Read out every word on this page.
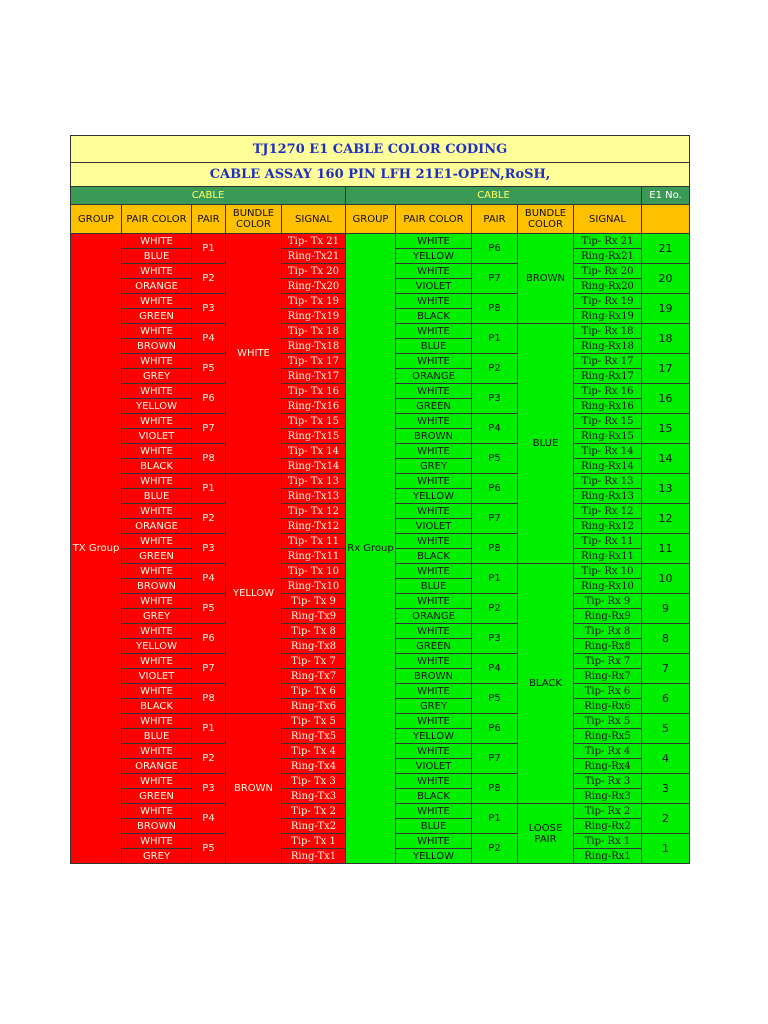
TJ1270 E1 CABLE COLOR CODING										
CABLE ASSAY 160 PIN LFH 21E1-OPEN,RoSH,										
CABLE					CABLE					E1 No.
GROUP	PAIR COLOR	PAIR	BUNDLE COLOR	SIGNAL	GROUP	PAIR COLOR	PAIR	BUNDLE COLOR	SIGNAL	
TX Group	WHITE	P1	WHITE	Tip- Tx 21	Rx Group	WHITE	P6	BROWN	Tip- Rx 21	21
	BLUE			Ring-Tx21		YELLOW			Ring-Rx21	
	WHITE	P2		Tip- Tx 20		WHITE	P7		Tip- Rx 20	20
	ORANGE			Ring-Tx20		VIOLET			Ring-Rx20	
	WHITE	P3		Tip- Tx 19		WHITE	P8		Tip- Rx 19	19
	GREEN			Ring-Tx19		BLACK			Ring-Rx19	
	WHITE	P4		Tip- Tx 18		WHITE	P1	BLUE	Tip- Rx 18	18
	BROWN			Ring-Tx18		BLUE			Ring-Rx18	
	WHITE	P5		Tip- Tx 17		WHITE	P2		Tip- Rx 17	17
	GREY			Ring-Tx17		ORANGE			Ring-Rx17	
	WHITE	P6		Tip- Tx 16		WHITE	P3		Tip- Rx 16	16
	YELLOW			Ring-Tx16		GREEN			Ring-Rx16	
	WHITE	P7		Tip- Tx 15		WHITE	P4		Tip- Rx 15	15
	VIOLET			Ring-Tx15		BROWN			Ring-Rx15	
	WHITE	P8		Tip- Tx 14		WHITE	P5		Tip- Rx 14	14
	BLACK			Ring-Tx14		GREY			Ring-Rx14	
	WHITE	P1	YELLOW	Tip- Tx 13		WHITE	P6		Tip- Rx 13	13
	BLUE			Ring-Tx13		YELLOW			Ring-Rx13	
	WHITE	P2		Tip- Tx 12		WHITE	P7		Tip- Rx 12	12
	ORANGE			Ring-Tx12		VIOLET			Ring-Rx12	
	WHITE	P3		Tip- Tx 11		WHITE	P8		Tip- Rx 11	11
	GREEN			Ring-Tx11		BLACK			Ring-Rx11	
	WHITE	P4		Tip- Tx 10		WHITE	P1	BLACK	Tip- Rx 10	10
	BROWN			Ring-Tx10		BLUE			Ring-Rx10	
	WHITE	P5		Tip- Tx 9		WHITE	P2		Tip- Rx 9	9
	GREY			Ring-Tx9		ORANGE			Ring-Rx9	
	WHITE	P6		Tip- Tx 8		WHITE	P3		Tip- Rx 8	8
	YELLOW			Ring-Tx8		GREEN			Ring-Rx8	
	WHITE	P7		Tip- Tx 7		WHITE	P4		Tip- Rx 7	7
	VIOLET			Ring-Tx7		BROWN			Ring-Rx7	
	WHITE	P8		Tip- Tx 6		WHITE	P5		Tip- Rx 6	6
	BLACK			Ring-Tx6		GREY			Ring-Rx6	
	WHITE	P1	BROWN	Tip- Tx 5		WHITE	P6		Tip- Rx 5	5
	BLUE			Ring-Tx5		YELLOW			Ring-Rx5	
	WHITE	P2		Tip- Tx 4		WHITE	P7		Tip- Rx 4	4
	ORANGE			Ring-Tx4		VIOLET			Ring-Rx4	
	WHITE	P3		Tip- Tx 3		WHITE	P8		Tip- Rx 3	3
	GREEN			Ring-Tx3		BLACK			Ring-Rx3	
	WHITE	P4		Tip- Tx 2		WHITE	P1	LOOSE PAIR	Tip- Rx 2	2
	BROWN			Ring-Tx2		BLUE			Ring-Rx2	
	WHITE	P5		Tip- Tx 1		WHITE	P2		Tip- Rx 1	1
	GREY			Ring-Tx1		YELLOW			Ring-Rx1	
